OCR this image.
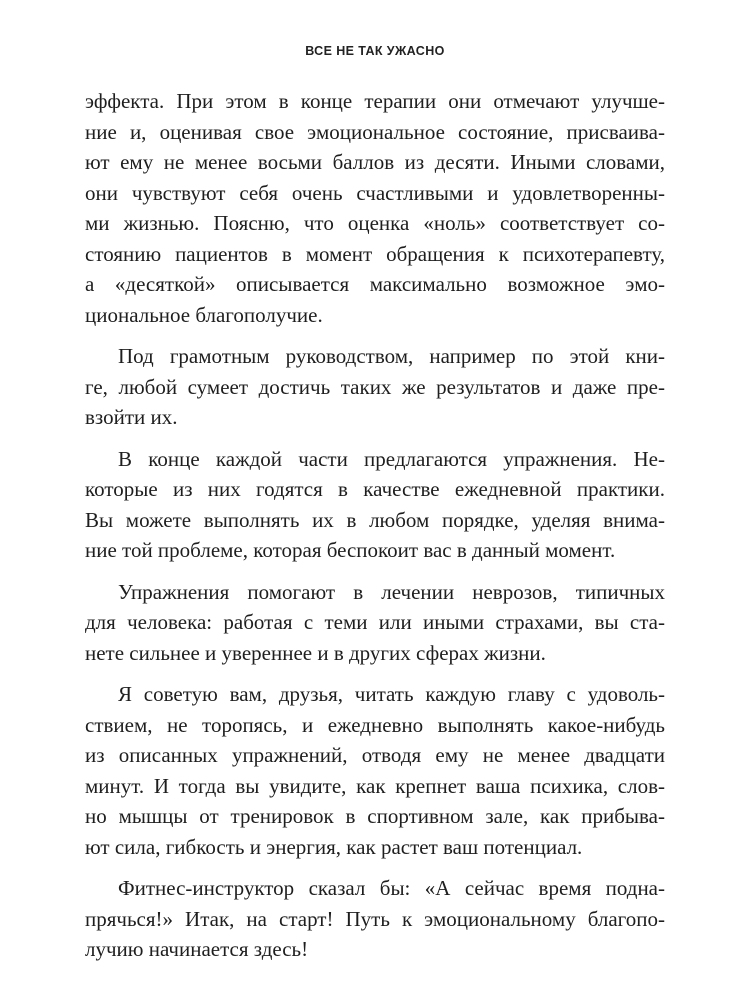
ВСЕ НЕ ТАК УЖАСНО
эффекта. При этом в конце терапии они отмечают улучше-
ние и, оценивая свое эмоциональное состояние, присваива-
ют ему не менее восьми баллов из десяти. Иными словами,
они чувствуют себя очень счастливыми и удовлетворенны-
ми жизнью. Поясню, что оценка «ноль» соответствует со-
стоянию пациентов в момент обращения к психотерапевту,
а «десяткой» описывается максимально возможное эмо-
циональное благополучие.
Под грамотным руководством, например по этой кни-
ге, любой сумеет достичь таких же результатов и даже пре-
взойти их.
В конце каждой части предлагаются упражнения. Не-
которые из них годятся в качестве ежедневной практики.
Вы можете выполнять их в любом порядке, уделяя внима-
ние той проблеме, которая беспокоит вас в данный момент.
Упражнения помогают в лечении неврозов, типичных
для человека: работая с теми или иными страхами, вы ста-
нете сильнее и увереннее и в других сферах жизни.
Я советую вам, друзья, читать каждую главу с удоволь-
ствием, не торопясь, и ежедневно выполнять какое-нибудь
из описанных упражнений, отводя ему не менее двадцати
минут. И тогда вы увидите, как крепнет ваша психика, слов-
но мышцы от тренировок в спортивном зале, как прибыва-
ют сила, гибкость и энергия, как растет ваш потенциал.
Фитнес-инструктор сказал бы: «А сейчас время подна-
прячься!» Итак, на старт! Путь к эмоциональному благопо-
лучию начинается здесь!
